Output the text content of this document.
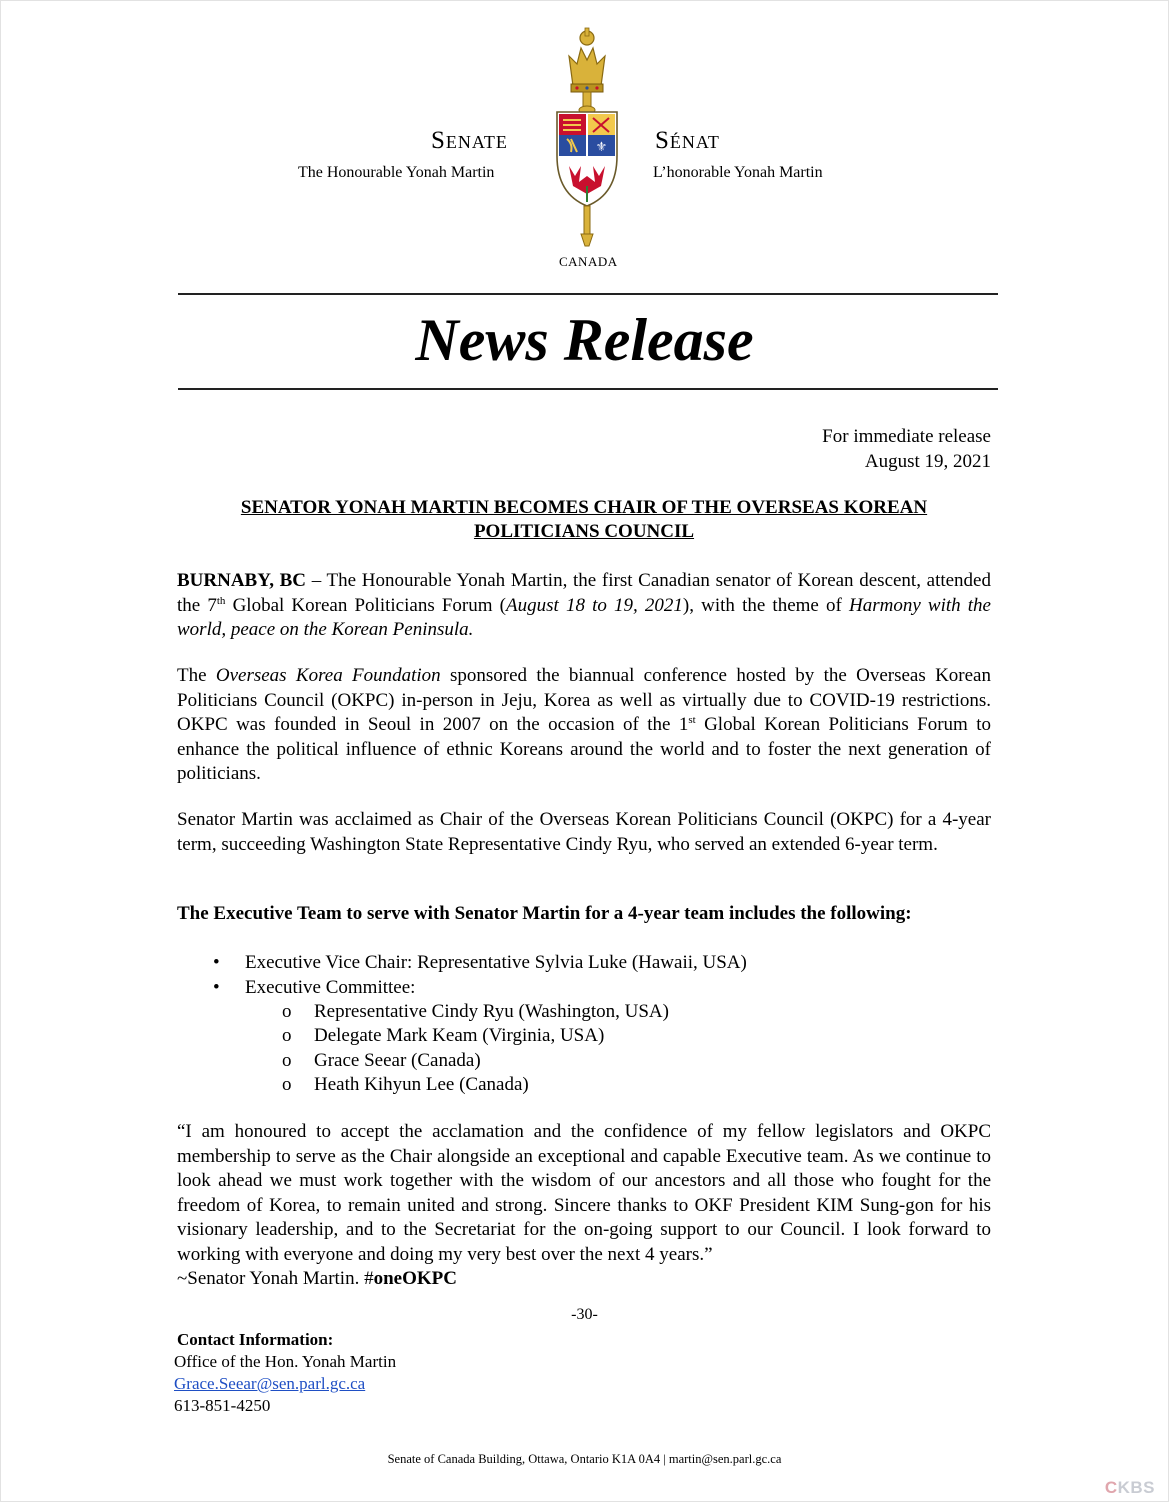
Senate	Sénat
The Honourable Yonah Martin	L’honorable Yonah Martin
⚜
CANADA
News Release
For immediate release
August 19, 2021
SENATOR YONAH MARTIN BECOMES CHAIR OF THE OVERSEAS KOREAN POLITICIANS COUNCIL
BURNABY, BC – The Honourable Yonah Martin, the first Canadian senator of Korean descent, attended the 7th Global Korean Politicians Forum (August 18 to 19, 2021), with the theme of Harmony with the world, peace on the Korean Peninsula.
The Overseas Korea Foundation sponsored the biannual conference hosted by the Overseas Korean Politicians Council (OKPC) in-person in Jeju, Korea as well as virtually due to COVID-19 restrictions. OKPC was founded in Seoul in 2007 on the occasion of the 1st Global Korean Politicians Forum to enhance the political influence of ethnic Koreans around the world and to foster the next generation of politicians.
Senator Martin was acclaimed as Chair of the Overseas Korean Politicians Council (OKPC) for a 4-year term, succeeding Washington State Representative Cindy Ryu, who served an extended 6-year term.
The Executive Team to serve with Senator Martin for a 4-year team includes the following:
• Executive Vice Chair: Representative Sylvia Luke (Hawaii, USA)
• Executive Committee:
o Representative Cindy Ryu (Washington, USA)
o Delegate Mark Keam (Virginia, USA)
o Grace Seear (Canada)
o Heath Kihyun Lee (Canada)
“I am honoured to accept the acclamation and the confidence of my fellow legislators and OKPC membership to serve as the Chair alongside an exceptional and capable Executive team. As we continue to look ahead we must work together with the wisdom of our ancestors and all those who fought for the freedom of Korea, to remain united and strong. Sincere thanks to OKF President KIM Sung-gon for his visionary leadership, and to the Secretariat for the on-going support to our Council. I look forward to working with everyone and doing my very best over the next 4 years.”
~Senator Yonah Martin. #oneOKPC
-30-
Contact Information:
Office of the Hon. Yonah Martin
Grace.Seear@sen.parl.gc.ca
613-851-4250
Senate of Canada Building, Ottawa, Ontario K1A 0A4 | martin@sen.parl.gc.ca
CKBS
